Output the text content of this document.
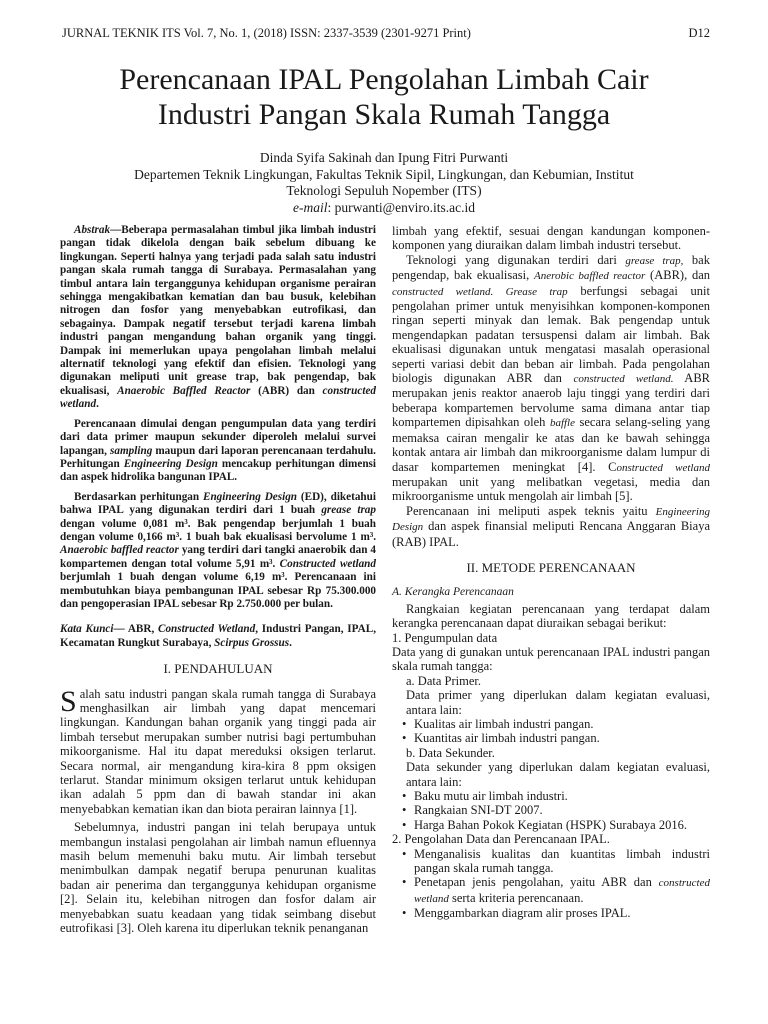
JURNAL TEKNIK ITS Vol. 7, No. 1, (2018) ISSN: 2337-3539 (2301-9271 Print)	D12
Perencanaan IPAL Pengolahan Limbah Cair
Industri Pangan Skala Rumah Tangga
Dinda Syifa Sakinah dan Ipung Fitri Purwanti
Departemen Teknik Lingkungan, Fakultas Teknik Sipil, Lingkungan, dan Kebumian, Institut
Teknologi Sepuluh Nopember (ITS)
e-mail: purwanti@enviro.its.ac.id

Abstrak—Beberapa permasalahan timbul jika limbah industri pangan tidak dikelola dengan baik sebelum dibuang ke lingkungan. Seperti halnya yang terjadi pada salah satu industri pangan skala rumah tangga di Surabaya. Permasalahan yang timbul antara lain terganggunya kehidupan organisme perairan sehingga mengakibatkan kematian dan bau busuk, kelebihan nitrogen dan fosfor yang menyebabkan eutrofikasi, dan sebagainya. Dampak negatif tersebut terjadi karena limbah industri pangan mengandung bahan organik yang tinggi. Dampak ini memerlukan upaya pengolahan limbah melalui alternatif teknologi yang efektif dan efisien. Teknologi yang digunakan meliputi unit grease trap, bak pengendap, bak ekualisasi, Anaerobic Baffled Reactor (ABR) dan constructed wetland.

Perencanaan dimulai dengan pengumpulan data yang terdiri dari data primer maupun sekunder diperoleh melalui survei lapangan, sampling maupun dari laporan perencanaan terdahulu. Perhitungan Engineering Design mencakup perhitungan dimensi dan aspek hidrolika bangunan IPAL.

Berdasarkan perhitungan Engineering Design (ED), diketahui bahwa IPAL yang digunakan terdiri dari 1 buah grease trap dengan volume 0,081 m³. Bak pengendap berjumlah 1 buah dengan volume 0,166 m³. 1 buah bak ekualisasi bervolume 1 m³. Anaerobic baffled reactor yang terdiri dari tangki anaerobik dan 4 kompartemen dengan total volume 5,91 m³. Constructed wetland berjumlah 1 buah dengan volume 6,19 m³. Perencanaan ini membutuhkan biaya pembangunan IPAL sebesar Rp 75.300.000 dan pengoperasian IPAL sebesar Rp 2.750.000 per bulan.

Kata Kunci— ABR, Constructed Wetland, Industri Pangan, IPAL, Kecamatan Rungkut Surabaya, Scirpus Grossus.

I. PENDAHULUAN

Salah satu industri pangan skala rumah tangga di Surabaya menghasilkan air limbah yang dapat mencemari lingkungan. Kandungan bahan organik yang tinggi pada air limbah tersebut merupakan sumber nutrisi bagi pertumbuhan mikoorganisme. Hal itu dapat mereduksi oksigen terlarut. Secara normal, air mengandung kira-kira 8 ppm oksigen terlarut. Standar minimum oksigen terlarut untuk kehidupan ikan adalah 5 ppm dan di bawah standar ini akan menyebabkan kematian ikan dan biota perairan lainnya [1].

Sebelumnya, industri pangan ini telah berupaya untuk membangun instalasi pengolahan air limbah namun efluennya masih belum memenuhi baku mutu. Air limbah tersebut menimbulkan dampak negatif berupa penurunan kualitas badan air penerima dan terganggunya kehidupan organisme [2]. Selain itu, kelebihan nitrogen dan fosfor dalam air menyebabkan suatu keadaan yang tidak seimbang disebut eutrofikasi [3]. Oleh karena itu diperlukan teknik penanganan

limbah yang efektif, sesuai dengan kandungan komponen-komponen yang diuraikan dalam limbah industri tersebut.

Teknologi yang digunakan terdiri dari grease trap, bak pengendap, bak ekualisasi, Anerobic baffled reactor (ABR), dan constructed wetland. Grease trap berfungsi sebagai unit pengolahan primer untuk menyisihkan komponen-komponen ringan seperti minyak dan lemak. Bak pengendap untuk mengendapkan padatan tersuspensi dalam air limbah. Bak ekualisasi digunakan untuk mengatasi masalah operasional seperti variasi debit dan beban air limbah. Pada pengolahan biologis digunakan ABR dan constructed wetland. ABR merupakan jenis reaktor anaerob laju tinggi yang terdiri dari beberapa kompartemen bervolume sama dimana antar tiap kompartemen dipisahkan oleh baffle secara selang-seling yang memaksa cairan mengalir ke atas dan ke bawah sehingga kontak antara air limbah dan mikroorganisme dalam lumpur di dasar kompartemen meningkat [4]. Constructed wetland merupakan unit yang melibatkan vegetasi, media dan mikroorganisme untuk mengolah air limbah [5].

Perencanaan ini meliputi aspek teknis yaitu Engineering Design dan aspek finansial meliputi Rencana Anggaran Biaya (RAB) IPAL.

II. METODE PERENCANAAN
A. Kerangka Perencanaan

Rangkaian kegiatan perencanaan yang terdapat dalam kerangka perencanaan dapat diuraikan sebagai berikut:

1. Pengumpulan data

Data yang di gunakan untuk perencanaan IPAL industri pangan skala rumah tangga:

a. Data Primer.

Data primer yang diperlukan dalam kegiatan evaluasi, antara lain:

• Kualitas air limbah industri pangan.
• Kuantitas air limbah industri pangan.
b. Data Sekunder.

Data sekunder yang diperlukan dalam kegiatan evaluasi, antara lain:

• Baku mutu air limbah industri.
• Rangkaian SNI-DT 2007.
• Harga Bahan Pokok Kegiatan (HSPK) Surabaya 2016.
2. Pengolahan Data dan Perencanaan IPAL.
• Menganalisis kualitas dan kuantitas limbah industri pangan skala rumah tangga.
• Penetapan jenis pengolahan, yaitu ABR dan constructed wetland serta kriteria perencanaan.
• Menggambarkan diagram alir proses IPAL.
